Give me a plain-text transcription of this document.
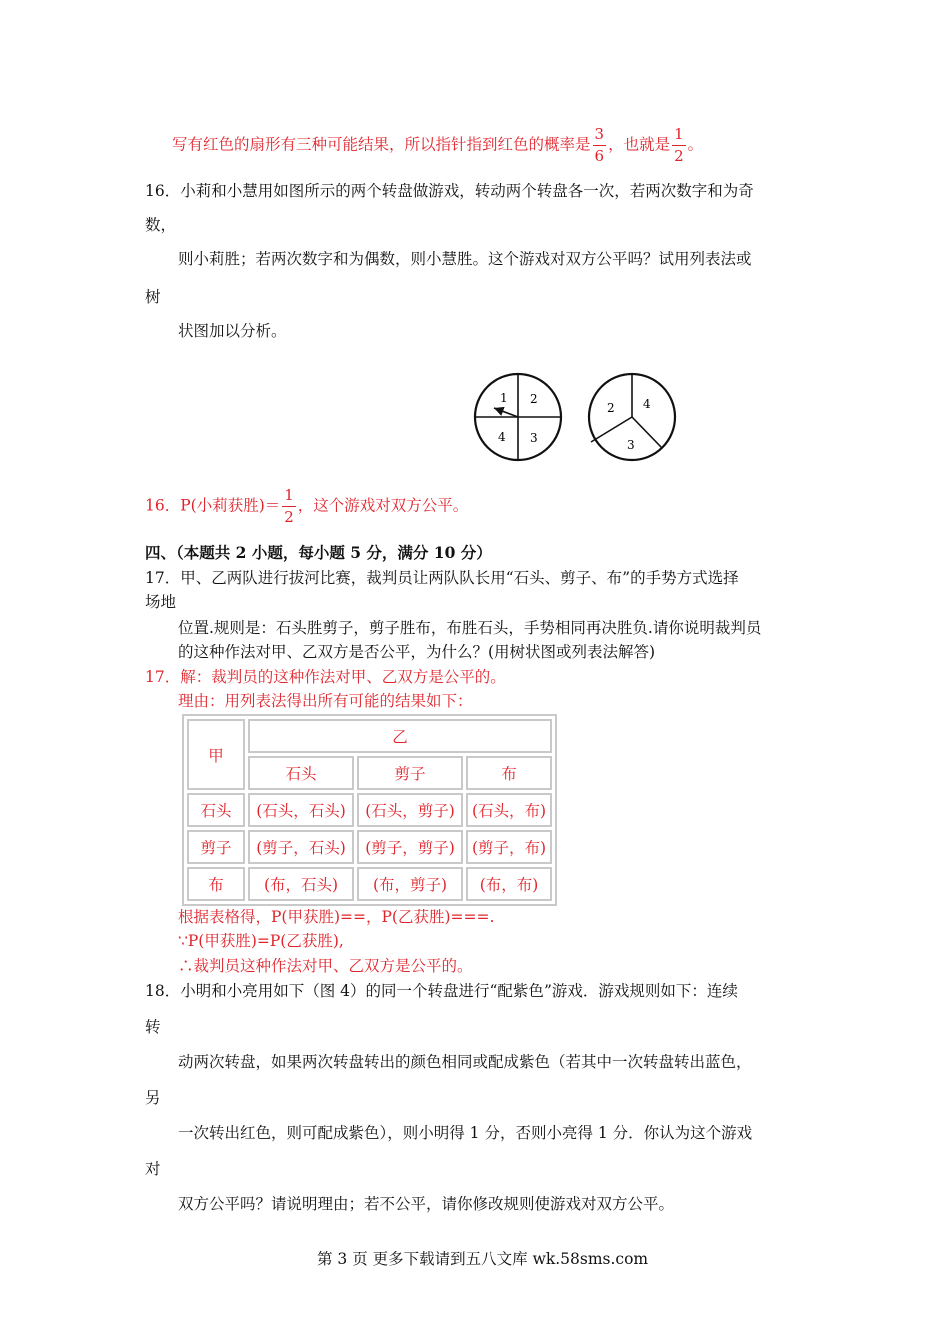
写有红色的扇形有三种可能结果，所以指针指到红色的概率是 $\frac{3}{6}$ ，也就是 $\frac{1}{2}$ 。
16．小莉和小慧用如图所示的两个转盘做游戏，转动两个转盘各一次，若两次数字和为奇
数，
则小莉胜；若两次数字和为偶数，则小慧胜。这个游戏对双方公平吗？试用列表法或
树
状图加以分析。
1 2
4 3
2 4
3
16．P(小莉获胜)＝ $\frac{1}{2}$ ，这个游戏对双方公平。
四、（本题共 2 小题，每小题 5 分，满分 10 分）
17．甲、乙两队进行拔河比赛，裁判员让两队队长用“石头、剪子、布”的手势方式选择
场地
位置.规则是：石头胜剪子，剪子胜布，布胜石头，手势相同再决胜负.请你说明裁判员
的这种作法对甲、乙双方是否公平，为什么？(用树状图或列表法解答)
17．解：裁判员的这种作法对甲、乙双方是公平的。
理由：用列表法得出所有可能的结果如下：
甲	乙		
	石头	剪子	布
石头	(石头，石头)	(石头，剪子)	(石头，布)
剪子	(剪子，石头)	(剪子，剪子)	(剪子，布)
布	(布，石头)	(布，剪子)	(布，布)
根据表格得，P(甲获胜)==，P(乙获胜)===.
∵P(甲获胜)=P(乙获胜),
∴裁判员这种作法对甲、乙双方是公平的。
18．小明和小亮用如下（图 4）的同一个转盘进行“配紫色”游戏．游戏规则如下：连续
转
动两次转盘，如果两次转盘转出的颜色相同或配成紫色（若其中一次转盘转出蓝色，
另
一次转出红色，则可配成紫色），则小明得 1 分，否则小亮得 1 分．你认为这个游戏
对
双方公平吗？请说明理由；若不公平，请你修改规则使游戏对双方公平。
第 3 页 更多下载请到五八文库 wk.58sms.com
